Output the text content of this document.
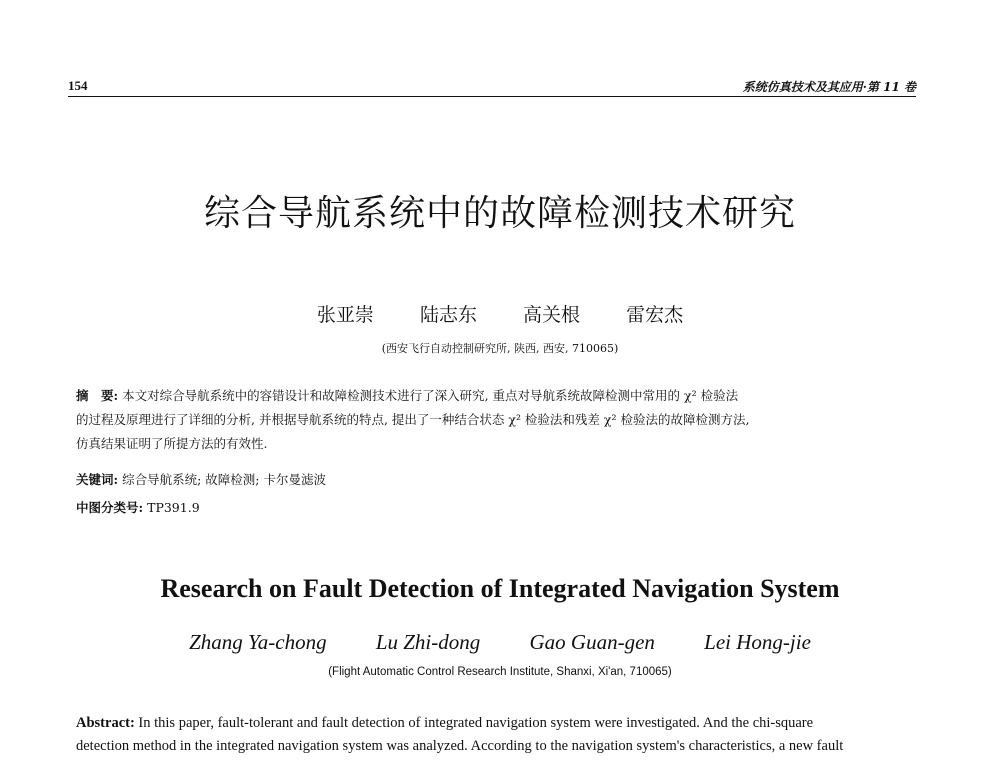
154	系统仿真技术及其应用·第 11 卷
综合导航系统中的故障检测技术研究
张亚崇 陆志东 高关根 雷宏杰
(西安飞行自动控制研究所, 陕西, 西安, 710065)
摘　要: 本文对综合导航系统中的容错设计和故障检测技术进行了深入研究, 重点对导航系统故障检测中常用的 χ² 检验法
的过程及原理进行了详细的分析, 并根据导航系统的特点, 提出了一种结合状态 χ² 检验法和残差 χ² 检验法的故障检测方法,
仿真结果证明了所提方法的有效性.
关键词: 综合导航系统; 故障检测; 卡尔曼滤波
中图分类号: TP391.9
Research on Fault Detection of Integrated Navigation System
Zhang Ya-chong Lu Zhi-dong Gao Guan-gen Lei Hong-jie
(Flight Automatic Control Research Institute, Shanxi, Xi'an, 710065)
Abstract: In this paper, fault-tolerant and fault detection of integrated navigation system were investigated. And the chi-square
detection method in the integrated navigation system was analyzed. According to the navigation system's characteristics, a new fault
